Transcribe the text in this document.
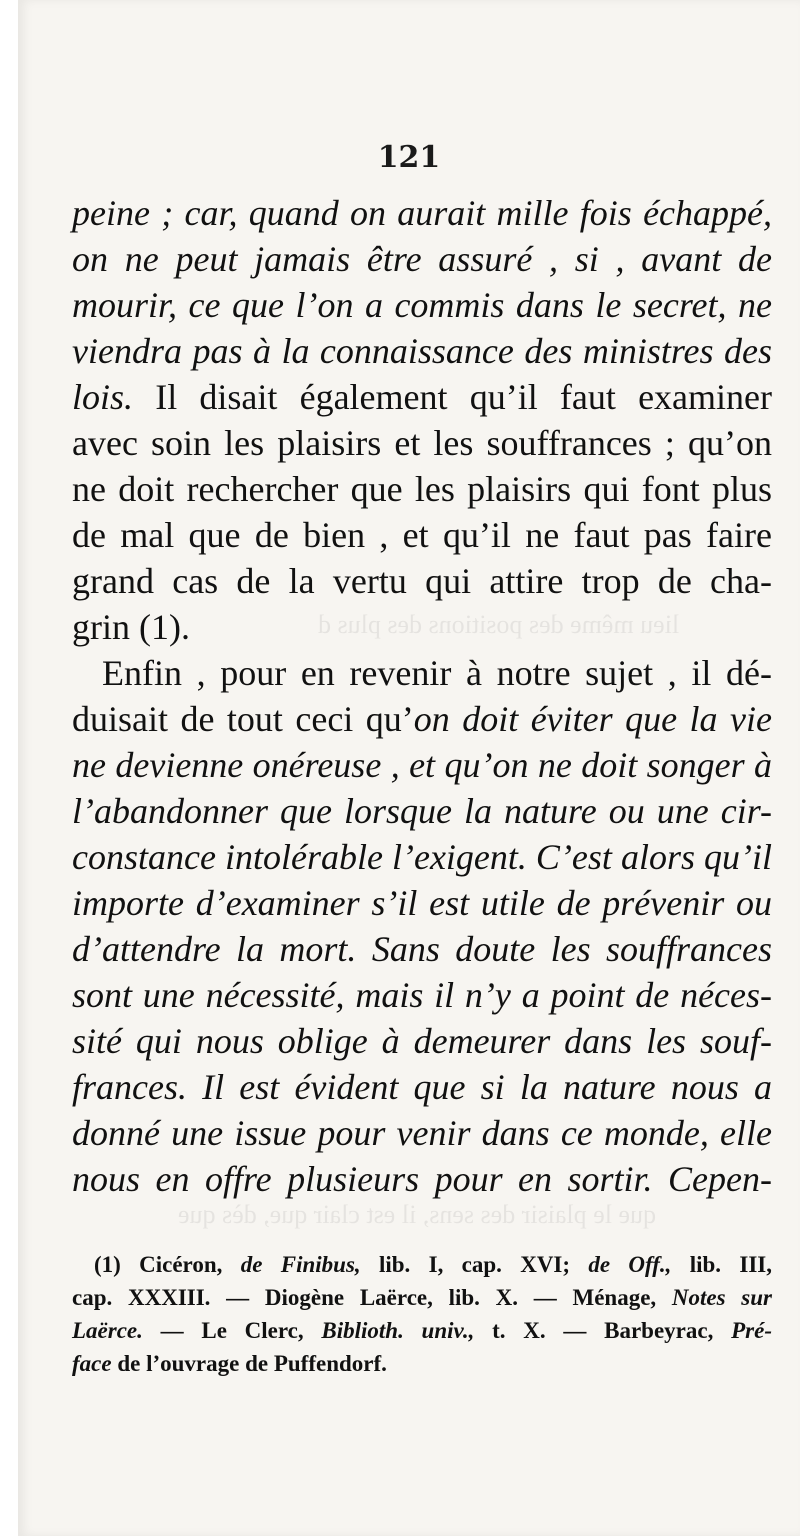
lieu même des positions des plus d
que le plaisir des sens, il est clair que, dès que
121
peine ; car, quand on aurait mille fois échappé,
on ne peut jamais être assuré , si , avant de
mourir, ce que l’on a commis dans le secret, ne
viendra pas à la connaissance des ministres des
lois. Il disait également qu’il faut examiner
avec soin les plaisirs et les souffrances ; qu’on
ne doit rechercher que les plaisirs qui font plus
de mal que de bien , et qu’il ne faut pas faire
grand cas de la vertu qui attire trop de cha-
grin (1).
Enfin , pour en revenir à notre sujet , il dé-
duisait de tout ceci qu’on doit éviter que la vie
ne devienne onéreuse , et qu’on ne doit songer à
l’abandonner que lorsque la nature ou une cir-
constance intolérable l’exigent. C’est alors qu’il
importe d’examiner s’il est utile de prévenir ou
d’attendre la mort. Sans doute les souffrances
sont une nécessité, mais il n’y a point de néces-
sité qui nous oblige à demeurer dans les souf-
frances. Il est évident que si la nature nous a
donné une issue pour venir dans ce monde, elle
nous en offre plusieurs pour en sortir. Cepen-
(1) Cicéron, de Finibus, lib. I, cap. XVI; de Off., lib. III,
cap. XXXIII. — Diogène Laërce, lib. X. — Ménage, Notes sur
Laërce. — Le Clerc, Biblioth. univ., t. X. — Barbeyrac, Pré-
face de l’ouvrage de Puffendorf.
